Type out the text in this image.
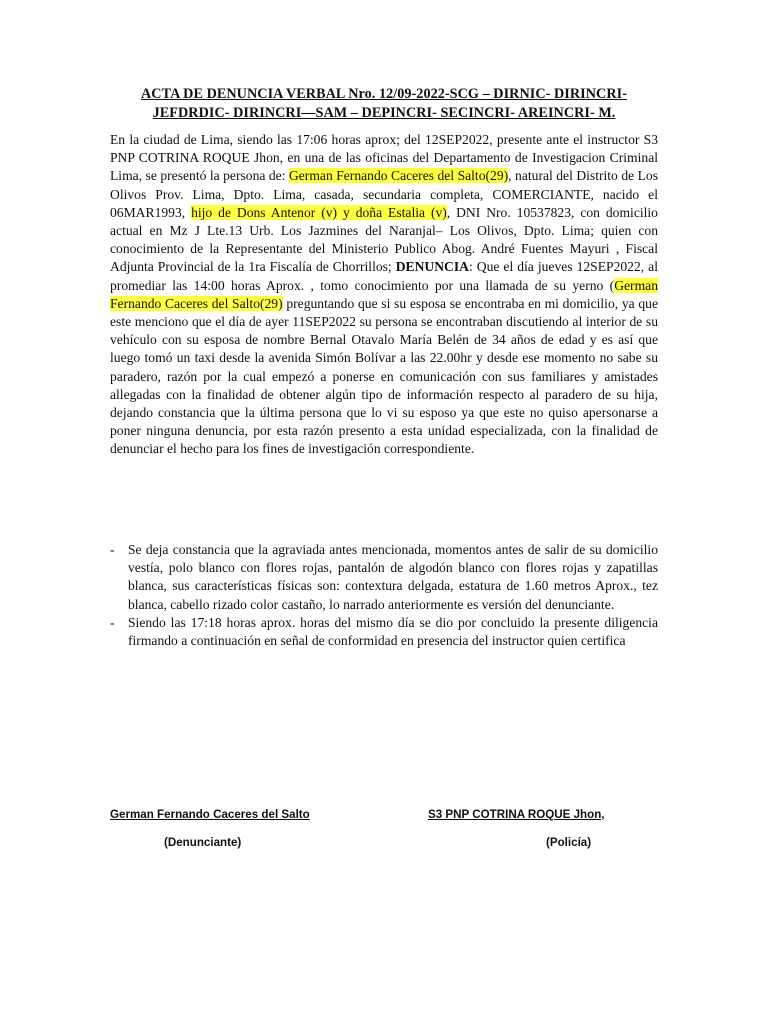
ACTA DE DENUNCIA VERBAL Nro. 12/09-2022-SCG – DIRNIC- DIRINCRI-JEFDRDIC- DIRINCRI—SAM – DEPINCRI- SECINCRI- AREINCRI- M.
En la ciudad de Lima, siendo las 17:06 horas aprox; del 12SEP2022, presente ante el instructor S3 PNP COTRINA ROQUE Jhon, en una de las oficinas del Departamento de Investigacion Criminal Lima, se presentó la persona de: German Fernando Caceres del Salto(29), natural del Distrito de Los Olivos Prov. Lima, Dpto. Lima, casada, secundaria completa, COMERCIANTE, nacido el 06MAR1993, hijo de Dons Antenor (v) y doña Estalia (v), DNI Nro. 10537823, con domicilio actual en Mz J Lte.13 Urb. Los Jazmines del Naranjal– Los Olivos, Dpto. Lima; quien con conocimiento de la Representante del Ministerio Publico Abog. André Fuentes Mayuri , Fiscal Adjunta Provincial de la 1ra Fiscalía de Chorrillos; DENUNCIA: Que el día jueves 12SEP2022, al promediar las 14:00 horas Aprox. , tomo conocimiento por una llamada de su yerno (German Fernando Caceres del Salto(29) preguntando que si su esposa se encontraba en mi domicilio, ya que este menciono que el día de ayer 11SEP2022 su persona se encontraban discutiendo al interior de su vehículo con su esposa de nombre Bernal Otavalo María Belén de 34 años de edad y es así que luego tomó un taxi desde la avenida Simón Bolívar a las 22.00hr y desde ese momento no sabe su paradero, razón por la cual empezó a ponerse en comunicación con sus familiares y amistades allegadas con la finalidad de obtener algún tipo de información respecto al paradero de su hija, dejando constancia que la última persona que lo vi su esposo ya que este no quiso apersonarse a poner ninguna denuncia, por esta razón presento a esta unidad especializada, con la finalidad de denunciar el hecho para los fines de investigación correspondiente.
- Se deja constancia que la agraviada antes mencionada, momentos antes de salir de su domicilio vestía, polo blanco con flores rojas, pantalón de algodón blanco con flores rojas y zapatillas blanca, sus características físicas son: contextura delgada, estatura de 1.60 metros Aprox., tez blanca, cabello rizado color castaño, lo narrado anteriormente es versión del denunciante.
- Siendo las 17:18 horas aprox. horas del mismo día se dio por concluido la presente diligencia firmando a continuación en señal de conformidad en presencia del instructor quien certifica
German Fernando Caceres del Salto
(Denunciante)
S3 PNP COTRINA ROQUE Jhon,
(Policía)
